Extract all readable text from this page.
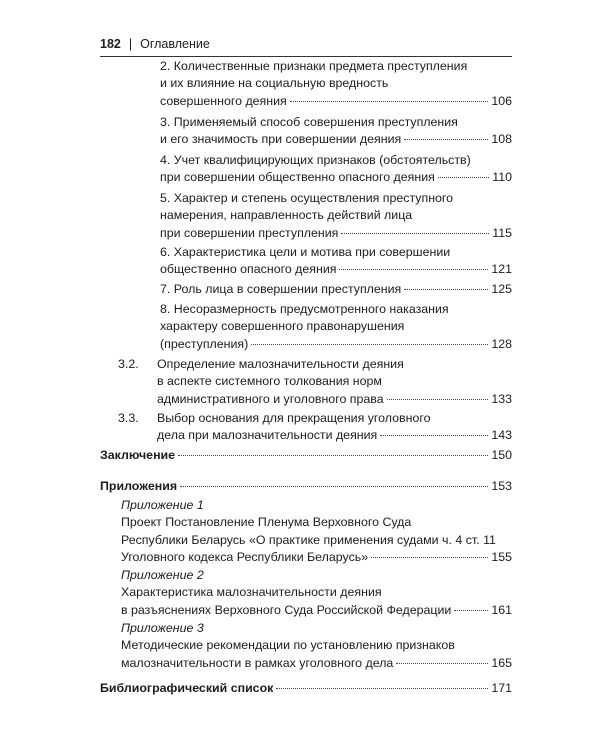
182 | Оглавление
2. Количественные признаки предмета преступления
и их влияние на социальную вредность
совершенного деяния	106
3. Применяемый способ совершения преступления
и его значимость при совершении деяния	108
4. Учет квалифицирующих признаков (обстоятельств)
при совершении общественно опасного деяния	110
5. Характер и степень осуществления преступного
намерения, направленность действий лица
при совершении преступления	115
6. Характеристика цели и мотива при совершении
общественно опасного деяния	121
7. Роль лица в совершении преступления	125
8. Несоразмерность предусмотренного наказания
характеру совершенного правонарушения
(преступления)	128
3.2. Определение малозначительности деяния
в аспекте системного толкования норм
административного и уголовного права	133
3.3. Выбор основания для прекращения уголовного
дела при малозначительности деяния	143
Заключение	150
Приложения	153
Приложение 1
Проект Постановление Пленума Верховного Суда
Республики Беларусь «О практике применения судами ч. 4 ст. 11
Уголовного кодекса Республики Беларусь»	155
Приложение 2
Характеристика малозначительности деяния
в разъяснениях Верховного Суда Российской Федерации	161
Приложение 3
Методические рекомендации по установлению признаков
малозначительности в рамках уголовного дела	165
Библиографический список	171
